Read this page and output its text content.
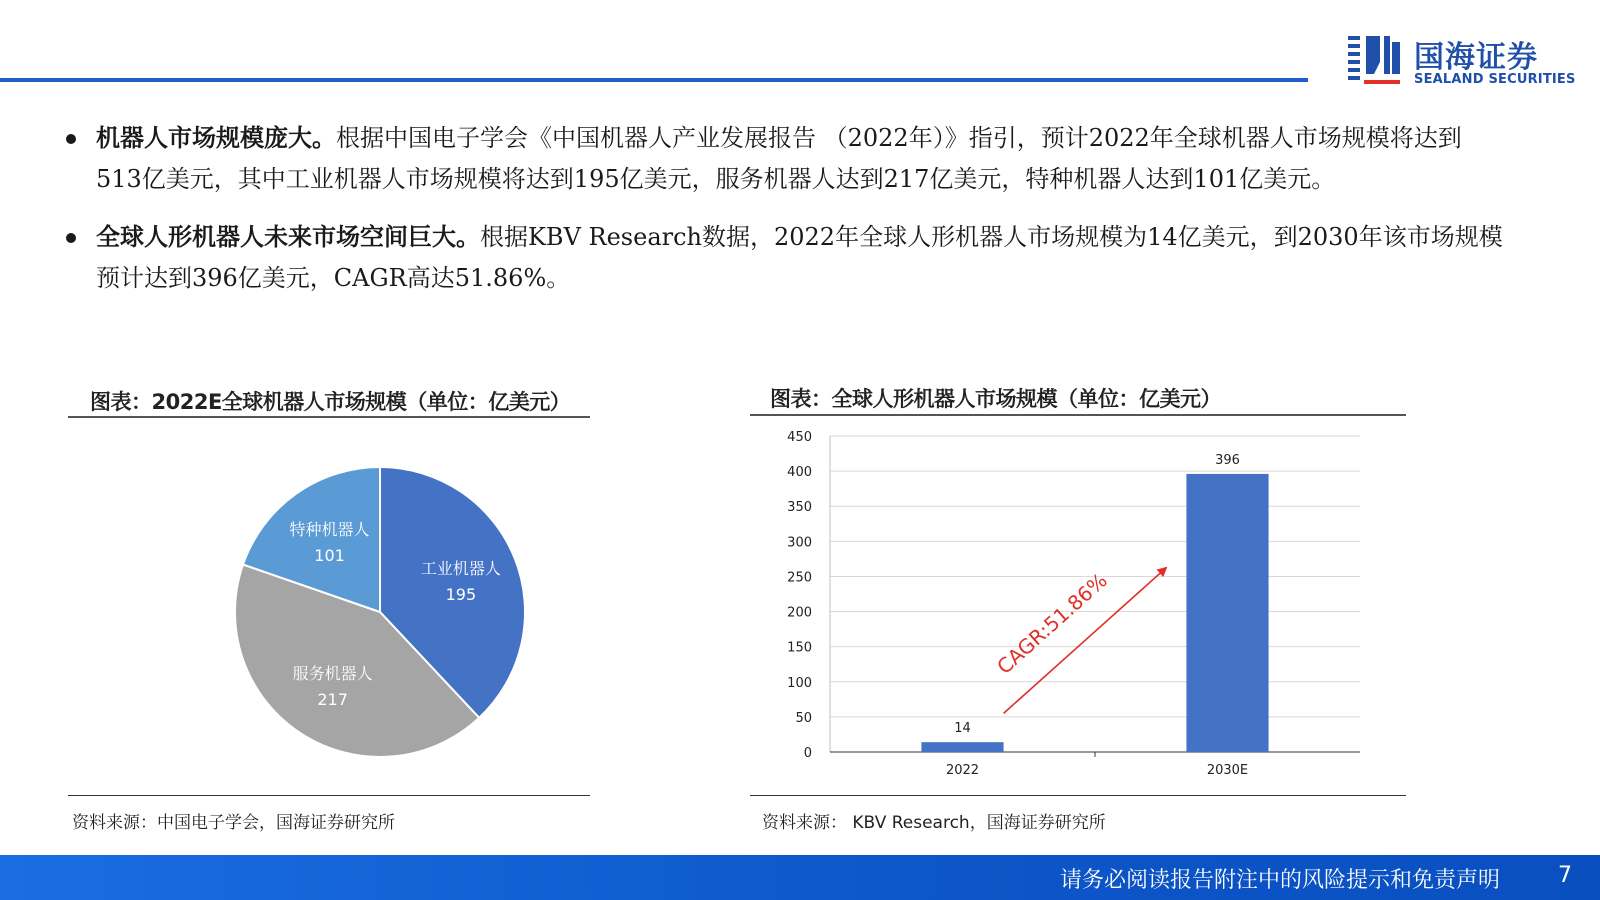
国海证券
SEALAND SECURITIES
机器人市场规模庞大。根据中国电子学会《中国机器人产业发展报告 （2022年）》指引，预计2022年全球机器人市场规模将达到513亿美元，其中工业机器人市场规模将达到195亿美元，服务机器人达到217亿美元，特种机器人达到101亿美元。
全球人形机器人未来市场空间巨大。根据KBV Research数据，2022年全球人形机器人市场规模为14亿美元，到2030年该市场规模预计达到396亿美元，CAGR高达51.86%。
图表：2022E全球机器人市场规模（单位：亿美元）
工业机器人
195
服务机器人
217
特种机器人
101
资料来源：中国电子学会，国海证券研究所
图表：全球人形机器人市场规模（单位：亿美元）
0
50
100
150
200
250
300
350
400
450
14
2022
396
2030E
CAGR:51.86%
资料来源： KBV Research，国海证券研究所
请务必阅读报告附注中的风险提示和免责声明	7
